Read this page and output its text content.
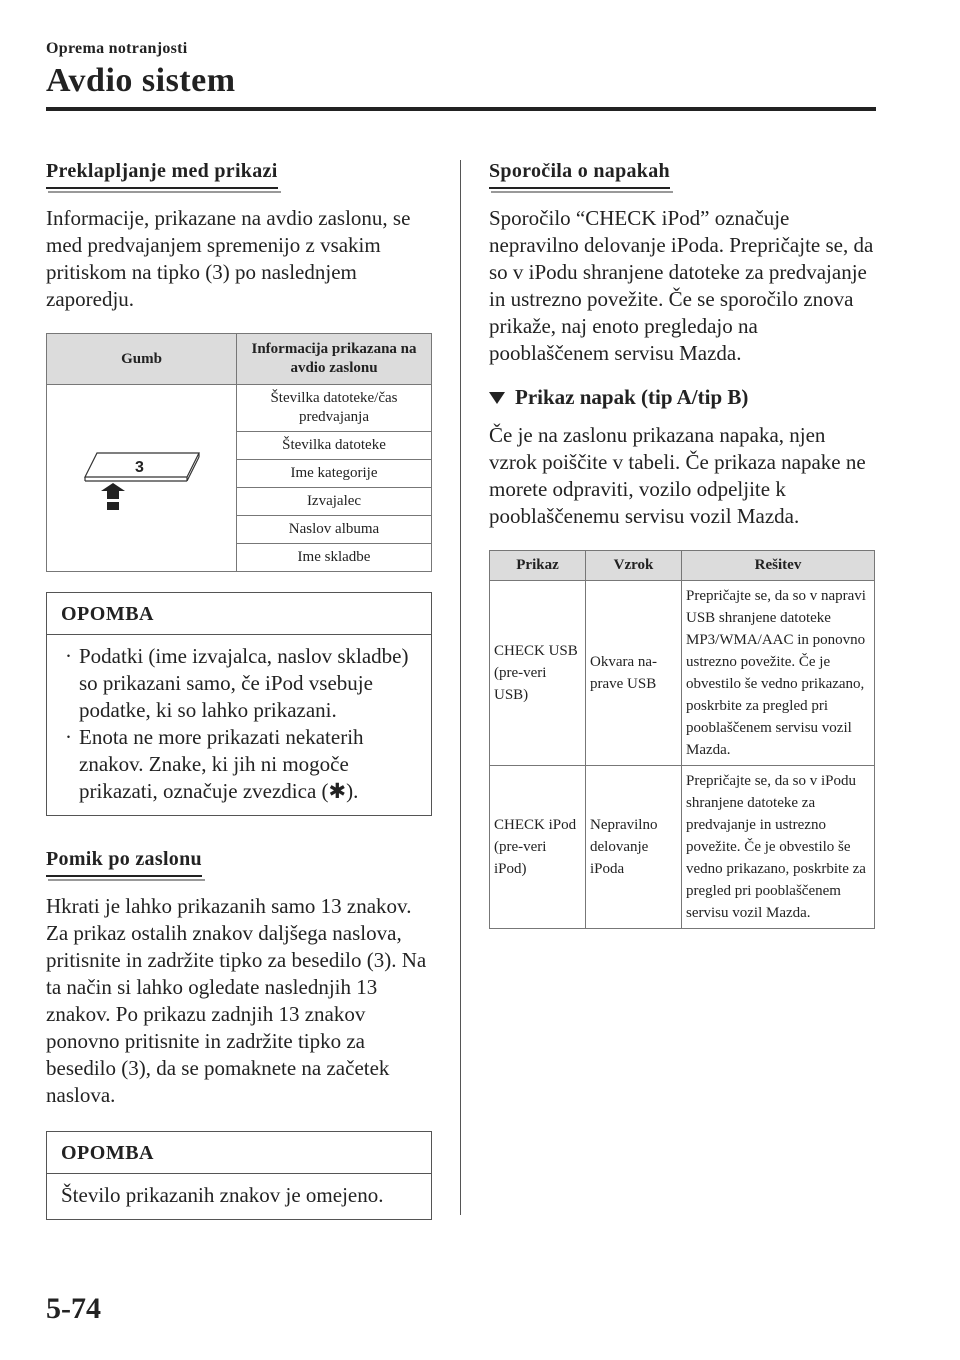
Oprema notranjosti
Avdio sistem
Preklapljanje med prikazi

Informacije, prikazane na avdio zaslonu, se med predvajanjem spremenijo z vsakim pritiskom na tipko (3) po naslednjem zaporedju.

Gumb	Informacija prikazana na avdio zaslonu

3	Številka datoteke/čas predvajanja
	Številka datoteke
	Ime kategorije
	Izvajalec
	Naslov albuma
	Ime skladbe
OPOMBA
· Podatki (ime izvajalca, naslov skladbe) so prikazani samo, če iPod vsebuje podatke, ki so lahko prikazani.
· Enota ne more prikazati nekaterih znakov. Znake, ki jih ni mogoče prikazati, označuje zvezdica (✱).
Pomik po zaslonu

Hkrati je lahko prikazanih samo 13 znakov. Za prikaz ostalih znakov daljšega naslova, pritisnite in zadržite tipko za besedilo (3). Na ta način si lahko ogledate naslednjih 13 znakov. Po prikazu zadnjih 13 znakov ponovno pritisnite in zadržite tipko za besedilo (3), da se pomaknete na začetek naslova.

OPOMBA
Število prikazanih znakov je omejeno.
Sporočila o napakah

Sporočilo “CHECK iPod” označuje nepravilno delovanje iPoda. Prepričajte se, da so v iPodu shranjene datoteke za predvajanje in ustrezno povežite. Če se sporočilo znova prikaže, naj enoto pregledajo na pooblaščenem servisu Mazda.

Prikaz napak (tip A/tip B)

Če je na zaslonu prikazana napaka, njen vzrok poiščite v tabeli. Če prikaza napake ne morete odpraviti, vozilo odpeljite k pooblaščenemu servisu vozil Mazda.

Prikaz	Vzrok	Rešitev
CHECK USB (pre-veri USB)	Okvara na-prave USB	Prepričajte se, da so v napravi USB shranjene datoteke MP3/WMA/AAC in ponovno ustrezno povežite. Če je obvestilo še vedno prikazano, poskrbite za pregled pri pooblaščenem servisu vozil Mazda.
CHECK iPod (pre-veri iPod)	Nepravilno delovanje iPoda	Prepričajte se, da so v iPodu shranjene datoteke za predvajanje in ustrezno povežite. Če je obvestilo še vedno prikazano, poskrbite za pregled pri pooblaščenem servisu vozil Mazda.
5-74
